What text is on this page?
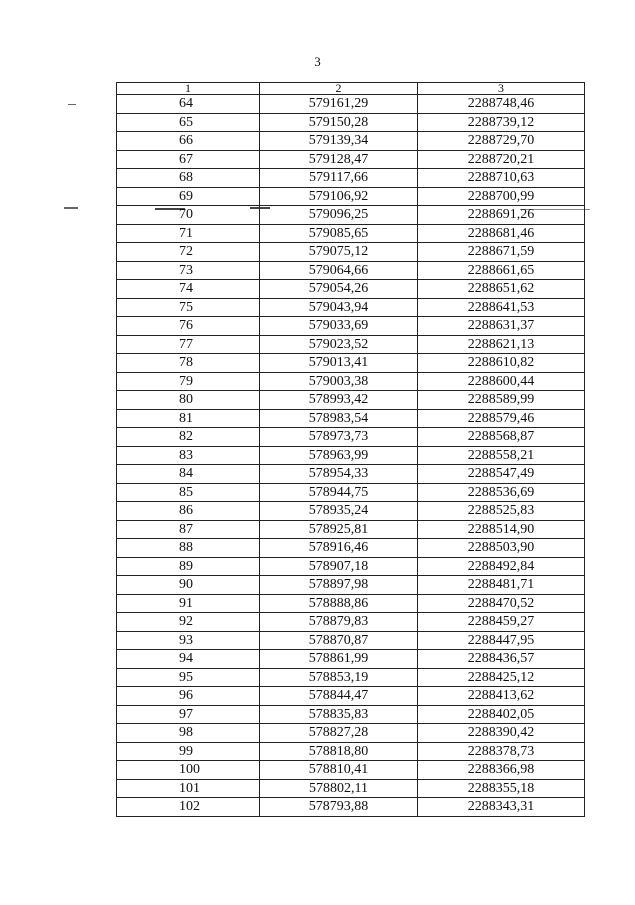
3
1	2	3
64	579161,29	2288748,46
65	579150,28	2288739,12
66	579139,34	2288729,70
67	579128,47	2288720,21
68	579117,66	2288710,63
69	579106,92	2288700,99
70	579096,25	2288691,26
71	579085,65	2288681,46
72	579075,12	2288671,59
73	579064,66	2288661,65
74	579054,26	2288651,62
75	579043,94	2288641,53
76	579033,69	2288631,37
77	579023,52	2288621,13
78	579013,41	2288610,82
79	579003,38	2288600,44
80	578993,42	2288589,99
81	578983,54	2288579,46
82	578973,73	2288568,87
83	578963,99	2288558,21
84	578954,33	2288547,49
85	578944,75	2288536,69
86	578935,24	2288525,83
87	578925,81	2288514,90
88	578916,46	2288503,90
89	578907,18	2288492,84
90	578897,98	2288481,71
91	578888,86	2288470,52
92	578879,83	2288459,27
93	578870,87	2288447,95
94	578861,99	2288436,57
95	578853,19	2288425,12
96	578844,47	2288413,62
97	578835,83	2288402,05
98	578827,28	2288390,42
99	578818,80	2288378,73
100	578810,41	2288366,98
101	578802,11	2288355,18
102	578793,88	2288343,31
